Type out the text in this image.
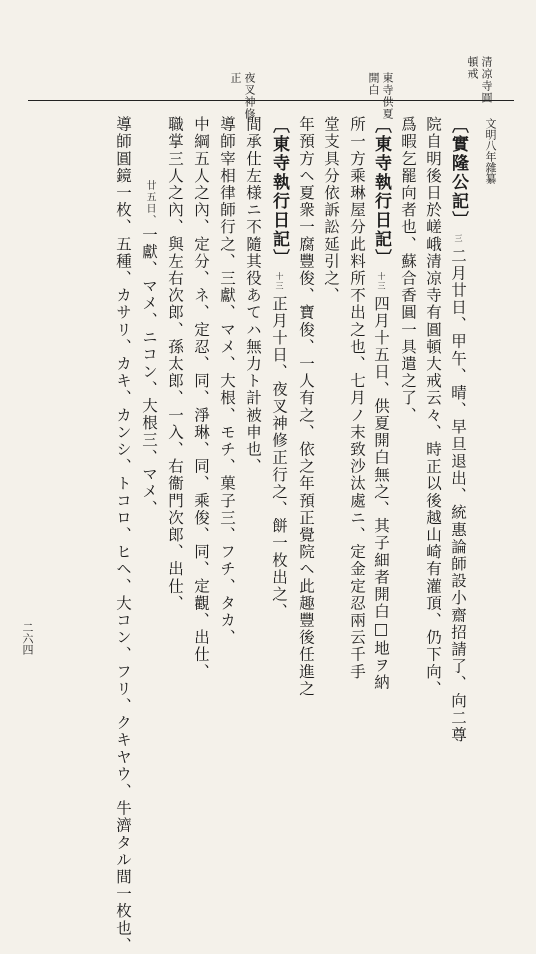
清凉寺圓
頓戒
東寺供夏
開白
夜叉神修
正
文明八年雜纂
二六四
〔實隆公記〕三二月廿日、甲午、晴、早旦退出、統惠論師設小齋招請了、向二尊
院自明後日於嵯峨清凉寺有圓頓大戒云々、時正以後越山崎有灌頂、仍下向、
爲暇乞罷向者也、蘇合香圓一具遣之了、
〔東寺執行日記〕十三四月十五日、供夏開白無之、其子細者開白□地ヲ納
所一方乘琳屋分此料所不出之也、七月ノ末致沙汰處ニ、定金定忍兩云千手
堂支具分依訴訟延引之、
年預方ヘ夏衆一腐豐俊、寶俊、一人有之、依之年預正覺院ヘ此趣豐後任進之
〔東寺執行日記〕十三正月十日、夜叉神修正行之、餅一枚出之、
間承仕左様ニ不隨其役あてハ無力ト計被申也、
導師宰相律師行之、三獻、マメ、大根、モチ、菓子三、フチ、タカ、
中綱五人之內、定分、ネ、定忍、同、淨琳、同、乘俊、同、定觀、出仕、
職掌三人之內、與左右次郎、孫太郎、一入、右衞門次郎、出仕、
廿五日、一獻、マメ、ニコン、大根三、マメ、
導師圓鏡一枚、五種、カサリ、カキ、カンシ、トコロ、ヒヘ、大コン、フリ、クキヤウ、牛濟タル間一枚也、
